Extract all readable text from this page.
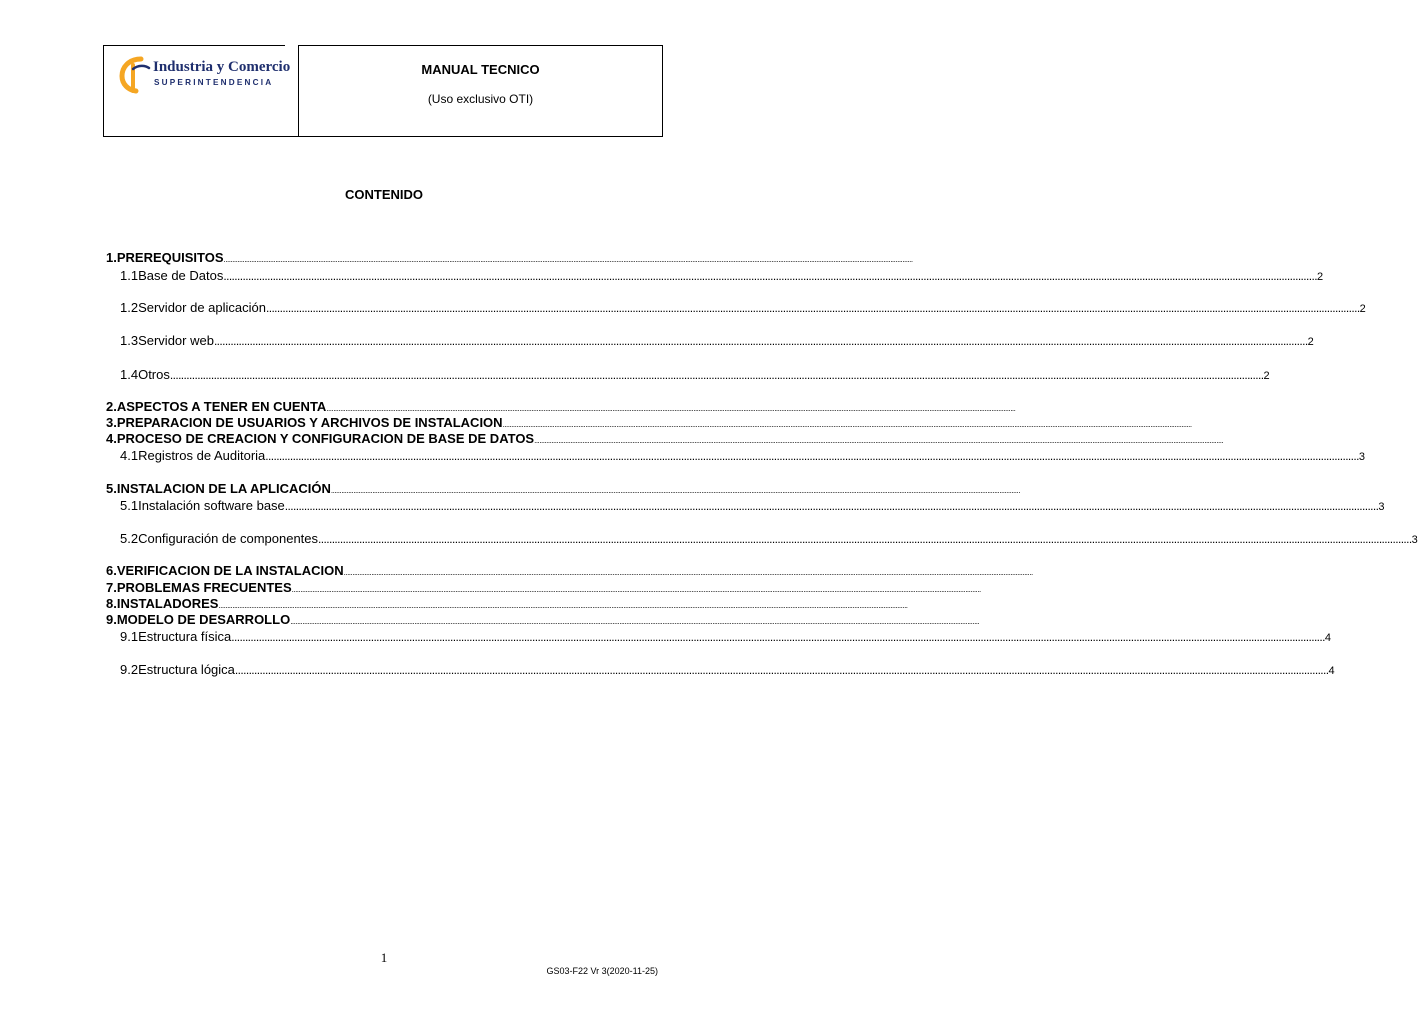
Industria y Comercio
SUPERINTENDENCIA
MANUAL TECNICO
(Uso exclusivo OTI)
CONTENIDO
1. PREREQUISITOS ................................................................................................................................................................................................................................................................................................................................................................................................................
1.1 Base de Datos ................................................................................................................................................................................................................................................................................................................................................................................................................ 2
1.2 Servidor de aplicación ................................................................................................................................................................................................................................................................................................................................................................................................................ 2
1.3 Servidor web ................................................................................................................................................................................................................................................................................................................................................................................................................ 2
1.4 Otros ................................................................................................................................................................................................................................................................................................................................................................................................................ 2
2. ASPECTOS A TENER EN CUENTA ................................................................................................................................................................................................................................................................................................................................................................................................................
3. PREPARACION DE USUARIOS Y ARCHIVOS DE INSTALACION ................................................................................................................................................................................................................................................................................................................................................................................................................
4. PROCESO DE CREACION Y CONFIGURACION DE BASE DE DATOS ................................................................................................................................................................................................................................................................................................................................................................................................................
4.1 Registros de Auditoria ................................................................................................................................................................................................................................................................................................................................................................................................................ 3
5. INSTALACION DE LA APLICACIÓN ................................................................................................................................................................................................................................................................................................................................................................................................................
5.1 Instalación software base ................................................................................................................................................................................................................................................................................................................................................................................................................ 3
5.2 Configuración de componentes ................................................................................................................................................................................................................................................................................................................................................................................................................ 3
6. VERIFICACION DE LA INSTALACION ................................................................................................................................................................................................................................................................................................................................................................................................................
7. PROBLEMAS FRECUENTES ................................................................................................................................................................................................................................................................................................................................................................................................................
8. INSTALADORES ................................................................................................................................................................................................................................................................................................................................................................................................................
9. MODELO DE DESARROLLO ................................................................................................................................................................................................................................................................................................................................................................................................................
9.1 Estructura física ................................................................................................................................................................................................................................................................................................................................................................................................................ 4
9.2 Estructura lógica ................................................................................................................................................................................................................................................................................................................................................................................................................ 4
1
GS03-F22 Vr 3(2020-11-25)
